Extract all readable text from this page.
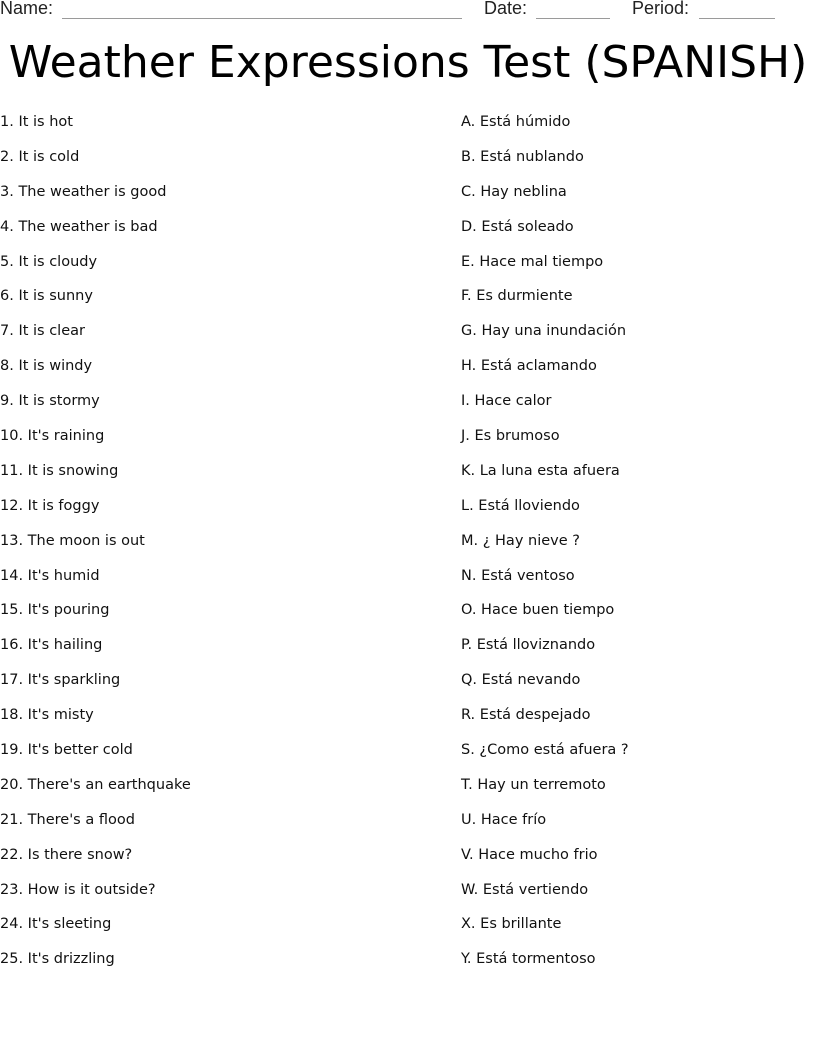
Name:	Date:	Period:
Weather Expressions Test (SPANISH)
1. It is hot
2. It is cold
3. The weather is good
4. The weather is bad
5. It is cloudy
6. It is sunny
7. It is clear
8. It is windy
9. It is stormy
10. It's raining
11. It is snowing
12. It is foggy
13. The moon is out
14. It's humid
15. It's pouring
16. It's hailing
17. It's sparkling
18. It's misty
19. It's better cold
20. There's an earthquake
21. There's a flood
22. Is there snow?
23. How is it outside?
24. It's sleeting
25. It's drizzling
A. Está húmido
B. Está nublando
C. Hay neblina
D. Está soleado
E. Hace mal tiempo
F. Es durmiente
G. Hay una inundación
H. Está aclamando
I. Hace calor
J. Es brumoso
K. La luna esta afuera
L. Está lloviendo
M. ¿ Hay nieve ?
N. Está ventoso
O. Hace buen tiempo
P. Está lloviznando
Q. Está nevando
R. Está despejado
S. ¿Como está afuera ?
T. Hay un terremoto
U. Hace frío
V. Hace mucho frio
W. Está vertiendo
X. Es brillante
Y. Está tormentoso
